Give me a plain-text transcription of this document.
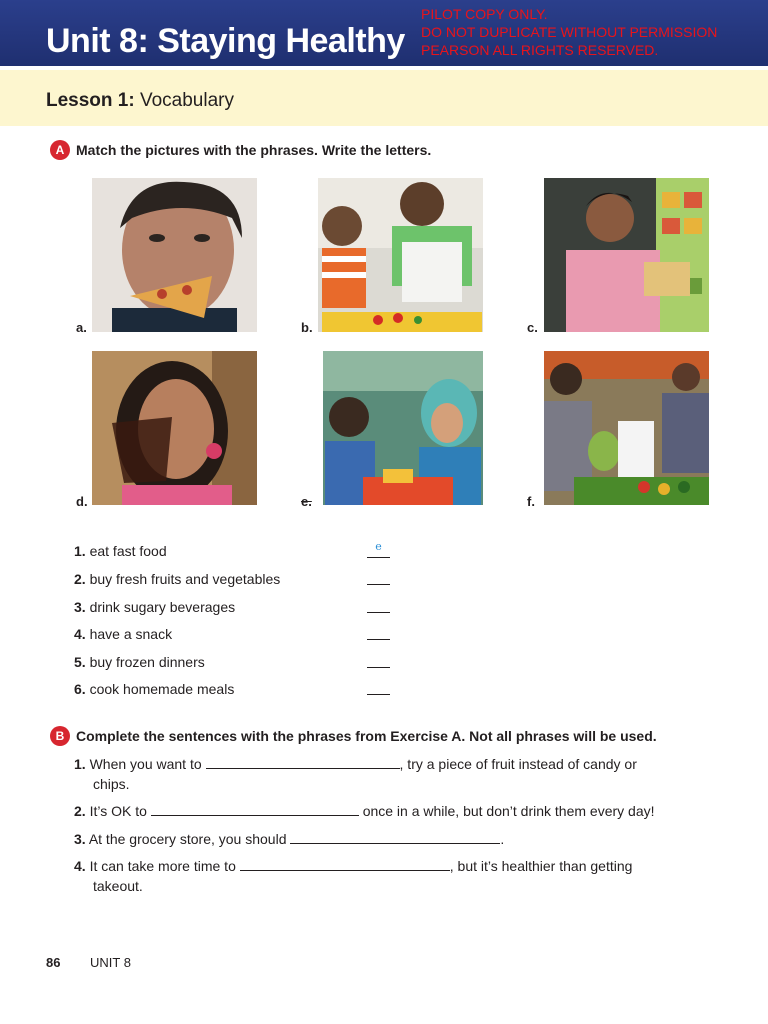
Unit 8: Staying Healthy
PILOT COPY ONLY.
DO NOT DUPLICATE WITHOUT PERMISSION
PEARSON ALL RIGHTS RESERVED.
Lesson 1: Vocabulary
A Match the pictures with the phrases. Write the letters.
a.	b.	c.
d.	e.	f.
1. eat fast food	e
2. buy fresh fruits and vegetables
3. drink sugary beverages
4. have a snack
5. buy frozen dinners
6. cook homemade meals
B Complete the sentences with the phrases from Exercise A. Not all phrases will be used.
1. When you want to	, try a piece of fruit instead of candy or
chips.
2. It’s OK to	once in a while, but don’t drink them every day!
3. At the grocery store, you should	.
4. It can take more time to	, but it’s healthier than getting
takeout.
86 UNIT 8
